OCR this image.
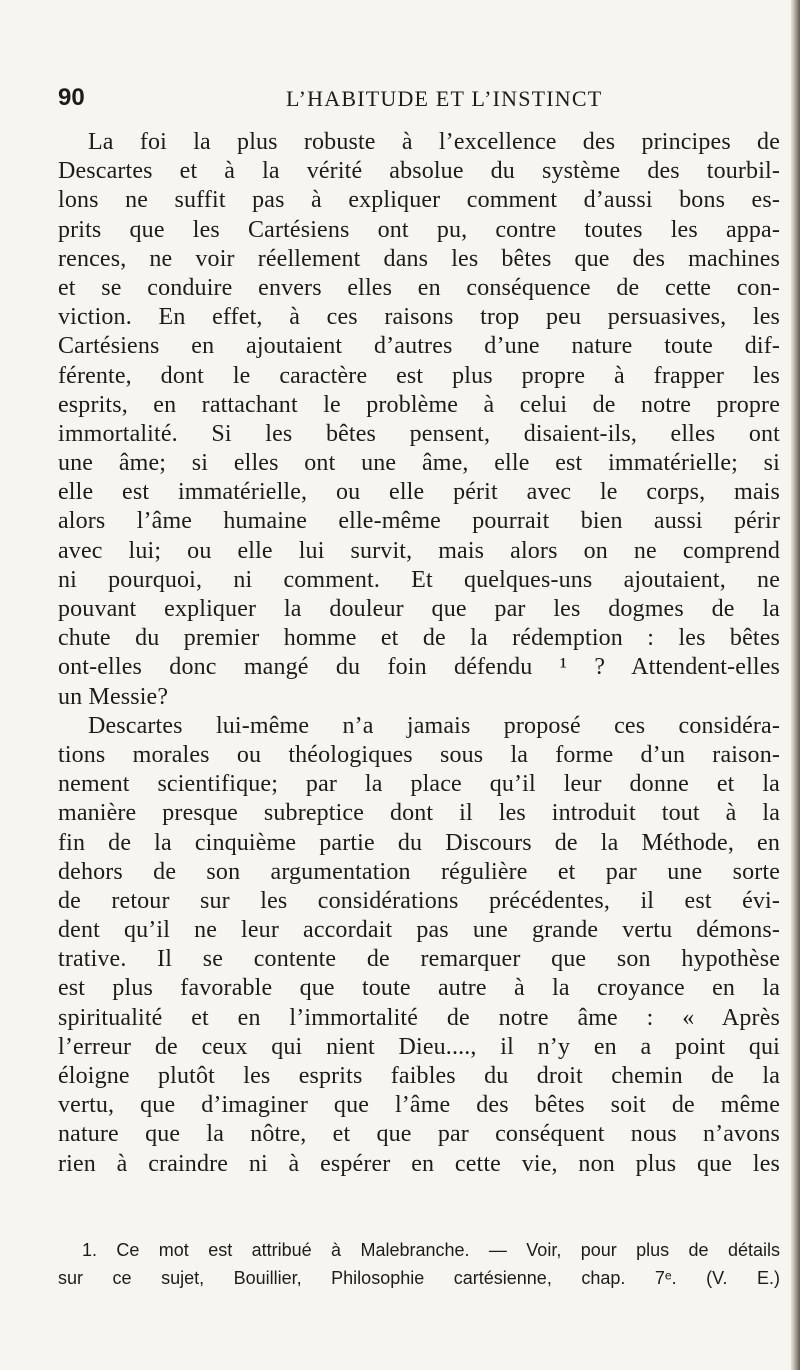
90	L’HABITUDE ET L’INSTINCT
La foi la plus robuste à l’excellence des principes de
Descartes et à la vérité absolue du système des tourbil-
lons ne suffit pas à expliquer comment d’aussi bons es-
prits que les Cartésiens ont pu, contre toutes les appa-
rences, ne voir réellement dans les bêtes que des machines
et se conduire envers elles en conséquence de cette con-
viction. En effet, à ces raisons trop peu persuasives, les
Cartésiens en ajoutaient d’autres d’une nature toute dif-
férente, dont le caractère est plus propre à frapper les
esprits, en rattachant le problème à celui de notre propre
immortalité. Si les bêtes pensent, disaient-ils, elles ont
une âme; si elles ont une âme, elle est immatérielle; si
elle est immatérielle, ou elle périt avec le corps, mais
alors l’âme humaine elle-même pourrait bien aussi périr
avec lui; ou elle lui survit, mais alors on ne comprend
ni pourquoi, ni comment. Et quelques-uns ajoutaient, ne
pouvant expliquer la douleur que par les dogmes de la
chute du premier homme et de la rédemption : les bêtes
ont-elles donc mangé du foin défendu ¹ ? Attendent-elles
un Messie?
Descartes lui-même n’a jamais proposé ces considéra-
tions morales ou théologiques sous la forme d’un raison-
nement scientifique; par la place qu’il leur donne et la
manière presque subreptice dont il les introduit tout à la
fin de la cinquième partie du Discours de la Méthode, en
dehors de son argumentation régulière et par une sorte
de retour sur les considérations précédentes, il est évi-
dent qu’il ne leur accordait pas une grande vertu démons-
trative. Il se contente de remarquer que son hypothèse
est plus favorable que toute autre à la croyance en la
spiritualité et en l’immortalité de notre âme : « Après
l’erreur de ceux qui nient Dieu...., il n’y en a point qui
éloigne plutôt les esprits faibles du droit chemin de la
vertu, que d’imaginer que l’âme des bêtes soit de même
nature que la nôtre, et que par conséquent nous n’avons
rien à craindre ni à espérer en cette vie, non plus que les
1. Ce mot est attribué à Malebranche. — Voir, pour plus de détails
sur ce sujet, Bouillier, Philosophie cartésienne, chap. 7ᵉ. (V. E.)
